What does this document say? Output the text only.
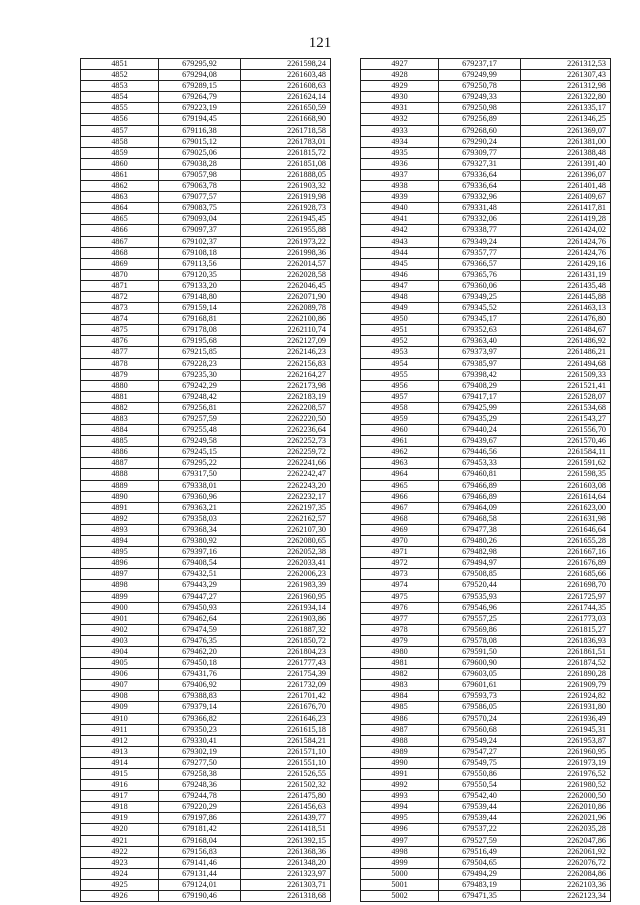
121
4851	679295,92	2261598,24
4852	679294,08	2261603,48
4853	679289,15	2261608,63
4854	679264,79	2261624,14
4855	679223,19	2261650,59
4856	679194,45	2261668,90
4857	679116,38	2261718,58
4858	679015,12	2261783,01
4859	679025,06	2261815,72
4860	679038,28	2261851,08
4861	679057,98	2261888,05
4862	679063,78	2261903,32
4863	679077,57	2261919,98
4864	679083,75	2261928,73
4865	679093,04	2261945,45
4866	679097,37	2261955,88
4867	679102,37	2261973,22
4868	679108,18	2261998,36
4869	679113,56	2262014,57
4870	679120,35	2262028,58
4871	679133,20	2262046,45
4872	679148,80	2262071,90
4873	679159,14	2262089,78
4874	679168,81	2262100,86
4875	679178,08	2262110,74
4876	679195,68	2262127,09
4877	679215,85	2262146,23
4878	679228,23	2262156,83
4879	679235,30	2262164,27
4880	679242,29	2262173,98
4881	679248,42	2262183,19
4882	679256,81	2262208,57
4883	679257,59	2262220,50
4884	679255,48	2262236,64
4885	679249,58	2262252,73
4886	679245,15	2262259,72
4887	679295,22	2262241,66
4888	679317,50	2262242,47
4889	679338,01	2262243,20
4890	679360,96	2262232,17
4891	679363,21	2262197,35
4892	679358,03	2262162,57
4893	679368,34	2262107,30
4894	679380,92	2262080,65
4895	679397,16	2262052,38
4896	679408,54	2262033,41
4897	679432,51	2262006,23
4898	679443,29	2261983,39
4899	679447,27	2261960,95
4900	679450,93	2261934,14
4901	679462,64	2261903,86
4902	679474,59	2261887,32
4903	679476,35	2261850,72
4904	679462,20	2261804,23
4905	679450,18	2261777,43
4906	679431,76	2261754,39
4907	679406,92	2261732,09
4908	679388,83	2261701,42
4909	679379,14	2261676,70
4910	679366,82	2261646,23
4911	679350,23	2261615,18
4912	679330,41	2261584,21
4913	679302,19	2261571,10
4914	679277,50	2261551,10
4915	679258,38	2261526,55
4916	679248,36	2261502,32
4917	679244,78	2261475,80
4918	679220,29	2261456,63
4919	679197,86	2261439,77
4920	679181,42	2261418,51
4921	679168,04	2261392,15
4922	679156,83	2261368,36
4923	679141,46	2261348,20
4924	679131,44	2261323,97
4925	679124,01	2261303,71
4926	679190,46	2261318,68
4927	679237,17	2261312,53
4928	679249,99	2261307,43
4929	679250,78	2261312,98
4930	679249,33	2261322,80
4931	679250,98	2261335,17
4932	679256,89	2261346,25
4933	679268,60	2261369,07
4934	679290,24	2261381,00
4935	679309,77	2261388,48
4936	679327,31	2261391,40
4937	679336,64	2261396,07
4938	679336,64	2261401,48
4939	679332,96	2261409,67
4940	679331,48	2261417,81
4941	679332,06	2261419,28
4942	679338,77	2261424,02
4943	679349,24	2261424,76
4944	679357,77	2261424,76
4945	679366,57	2261429,16
4946	679365,76	2261431,19
4947	679360,06	2261435,48
4948	679349,25	2261445,88
4949	679345,52	2261463,13
4950	679345,17	2261476,80
4951	679352,63	2261484,67
4952	679363,40	2261486,92
4953	679373,97	2261486,21
4954	679385,97	2261494,68
4955	679398,42	2261509,33
4956	679408,29	2261521,41
4957	679417,17	2261528,07
4958	679425,99	2261534,68
4959	679435,29	2261543,27
4960	679440,24	2261556,70
4961	679439,67	2261570,46
4962	679446,56	2261584,11
4963	679453,33	2261591,62
4964	679460,81	2261598,35
4965	679466,89	2261603,08
4966	679466,89	2261614,64
4967	679464,09	2261623,00
4968	679468,58	2261631,98
4969	679477,38	2261646,64
4970	679480,26	2261655,28
4971	679482,98	2261667,16
4972	679494,97	2261676,89
4973	679508,85	2261685,66
4974	679520,44	2261698,70
4975	679535,93	2261725,97
4976	679546,96	2261744,35
4977	679557,25	2261773,03
4978	679569,86	2261815,27
4979	679578,08	2261836,93
4980	679591,50	2261861,51
4981	679600,90	2261874,52
4982	679603,05	2261890,28
4983	679601,61	2261909,79
4984	679593,73	2261924,82
4985	679586,05	2261931,80
4986	679570,24	2261936,49
4987	679560,68	2261945,31
4988	679549,24	2261953,87
4989	679547,27	2261960,95
4990	679549,75	2261973,19
4991	679550,86	2261976,52
4992	679550,54	2261980,52
4993	679542,40	2262000,50
4994	679539,44	2262010,86
4995	679539,44	2262021,96
4996	679537,22	2262035,28
4997	679527,59	2262047,86
4998	679516,49	2262061,92
4999	679504,65	2262076,72
5000	679494,29	2262084,86
5001	679483,19	2262103,36
5002	679471,35	2262123,34
